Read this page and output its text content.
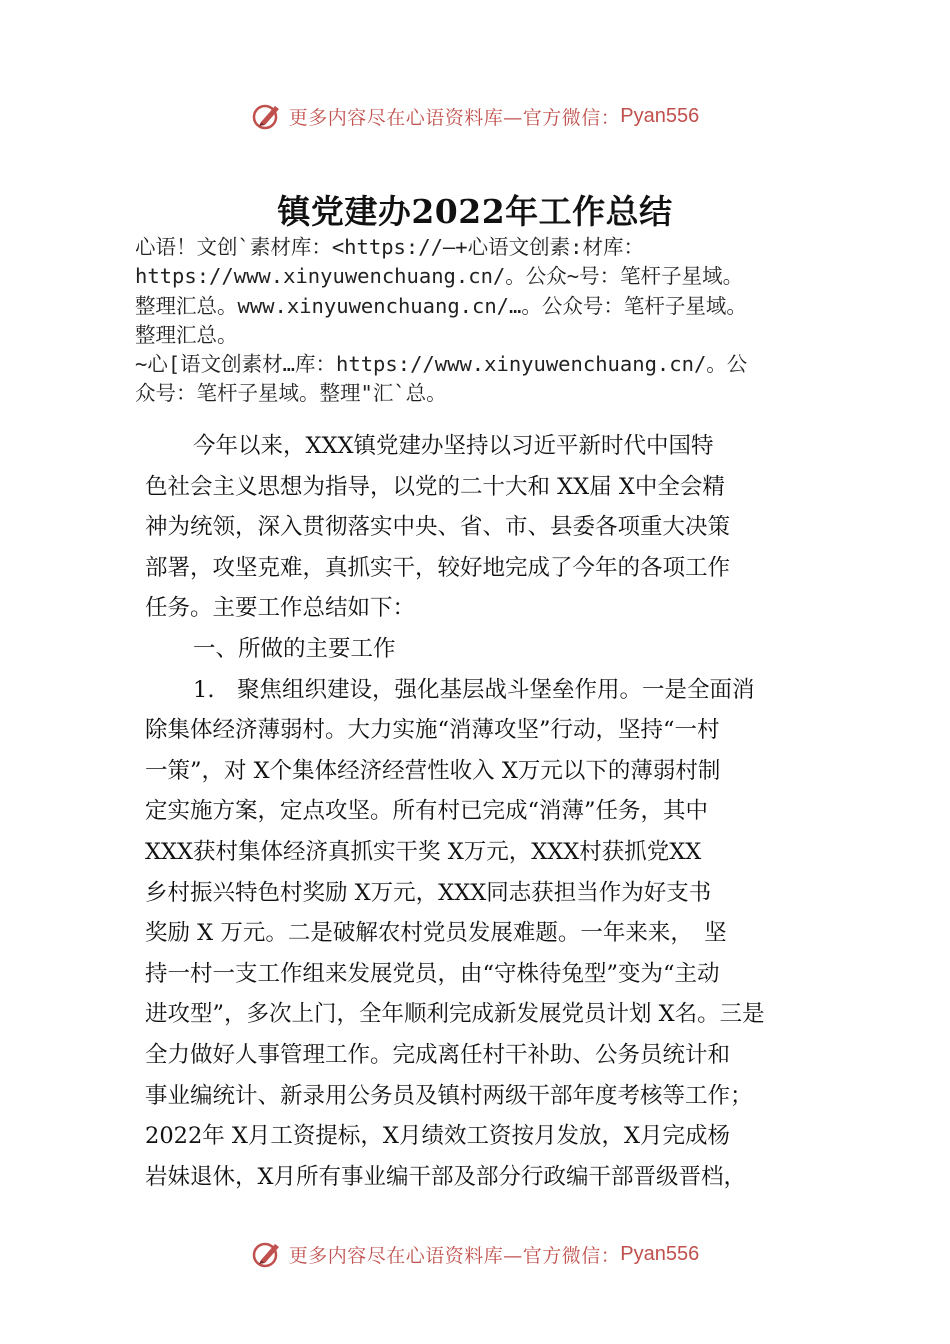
更多内容尽在心语资料库—官方微信： Pyan556
镇党建办2022年工作总结
心语！文创`素材库：<https://—+心语文创素:材库：
https://www.xinyuwenchuang.cn/。公众~号：笔杆子星域。
整理汇总。www.xinyuwenchuang.cn/…。公众号：笔杆子星域。
整理汇总。
~心[语文创素材…库：https://www.xinyuwenchuang.cn/。公
众号：笔杆子星域。整理"汇`总。
今年以来，XXX镇党建办坚持以习近平新时代中国特
色社会主义思想为指导，以党的二十大和 XX届 X中全会精
神为统领，深入贯彻落实中央、省、市、县委各项重大决策
部署，攻坚克难，真抓实干，较好地完成了今年的各项工作
任务。主要工作总结如下：
一、所做的主要工作
1.　聚焦组织建设，强化基层战斗堡垒作用。一是全面消
除集体经济薄弱村。大力实施“消薄攻坚”行动，坚持“一村
一策”，对 X个集体经济经营性收入 X万元以下的薄弱村制
定实施方案，定点攻坚。所有村已完成“消薄”任务，其中
XXX获村集体经济真抓实干奖 X万元，XXX村获抓党XX
乡村振兴特色村奖励 X万元，XXX同志获担当作为好支书
奖励 X 万元。二是破解农村党员发展难题。一年来来，　坚
持一村一支工作组来发展党员，由“守株待兔型”变为“主动
进攻型”，多次上门，全年顺利完成新发展党员计划 X名。三是
全力做好人事管理工作。完成离任村干补助、公务员统计和
事业编统计、新录用公务员及镇村两级干部年度考核等工作；
2022年 X月工资提标，X月绩效工资按月发放，X月完成杨
岩妹退休，X月所有事业编干部及部分行政编干部晋级晋档，
更多内容尽在心语资料库—官方微信： Pyan556
